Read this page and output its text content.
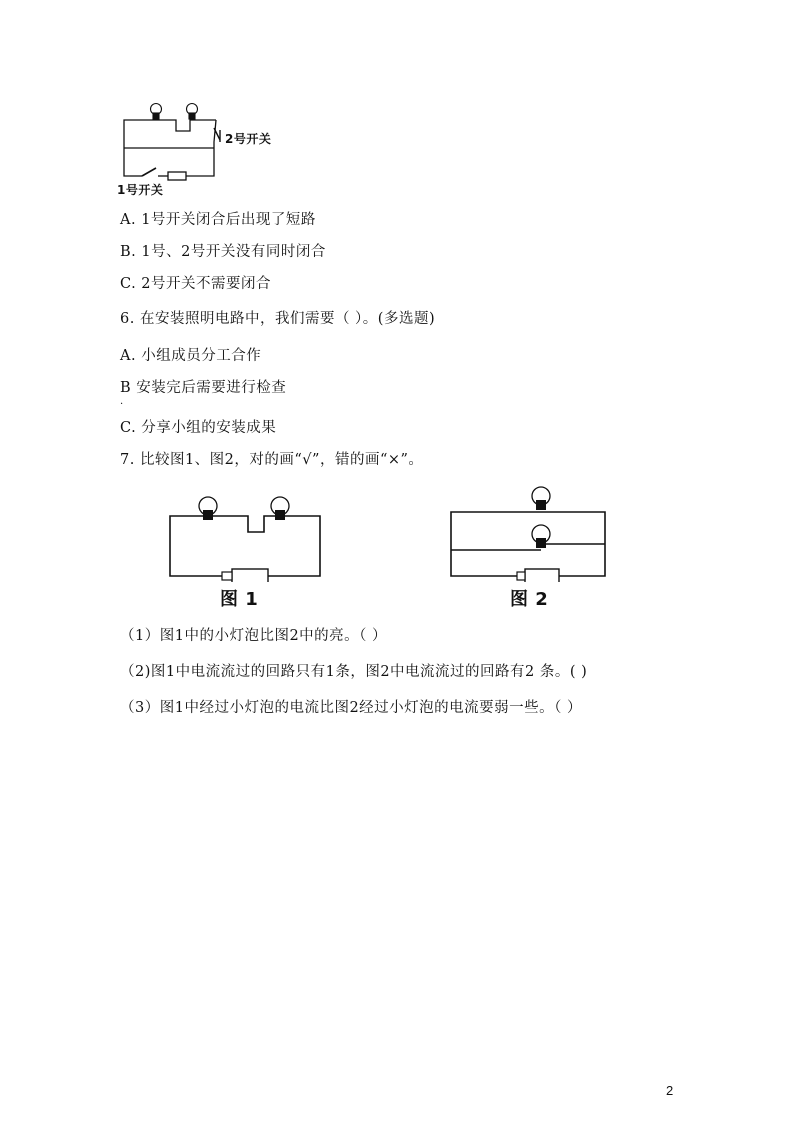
2号开关
1号开关
A. 1号开关闭合后出现了短路
B. 1号、2号开关没有同时闭合
C. 2号开关不需要闭合
6. 在安装照明电路中，我们需要（ ）。(多选题)
A. 小组成员分工合作
B 安装完后需要进行检查
.
C. 分享小组的安装成果
7. 比较图1、图2，对的画“√”，错的画“×”。
图 1	图 2
（1）图1中的小灯泡比图2中的亮。（ ）
（2)图1中电流流过的回路只有1条，图2中电流流过的回路有2 条。( )
（3）图1中经过小灯泡的电流比图2经过小灯泡的电流要弱一些。（ ）
2
